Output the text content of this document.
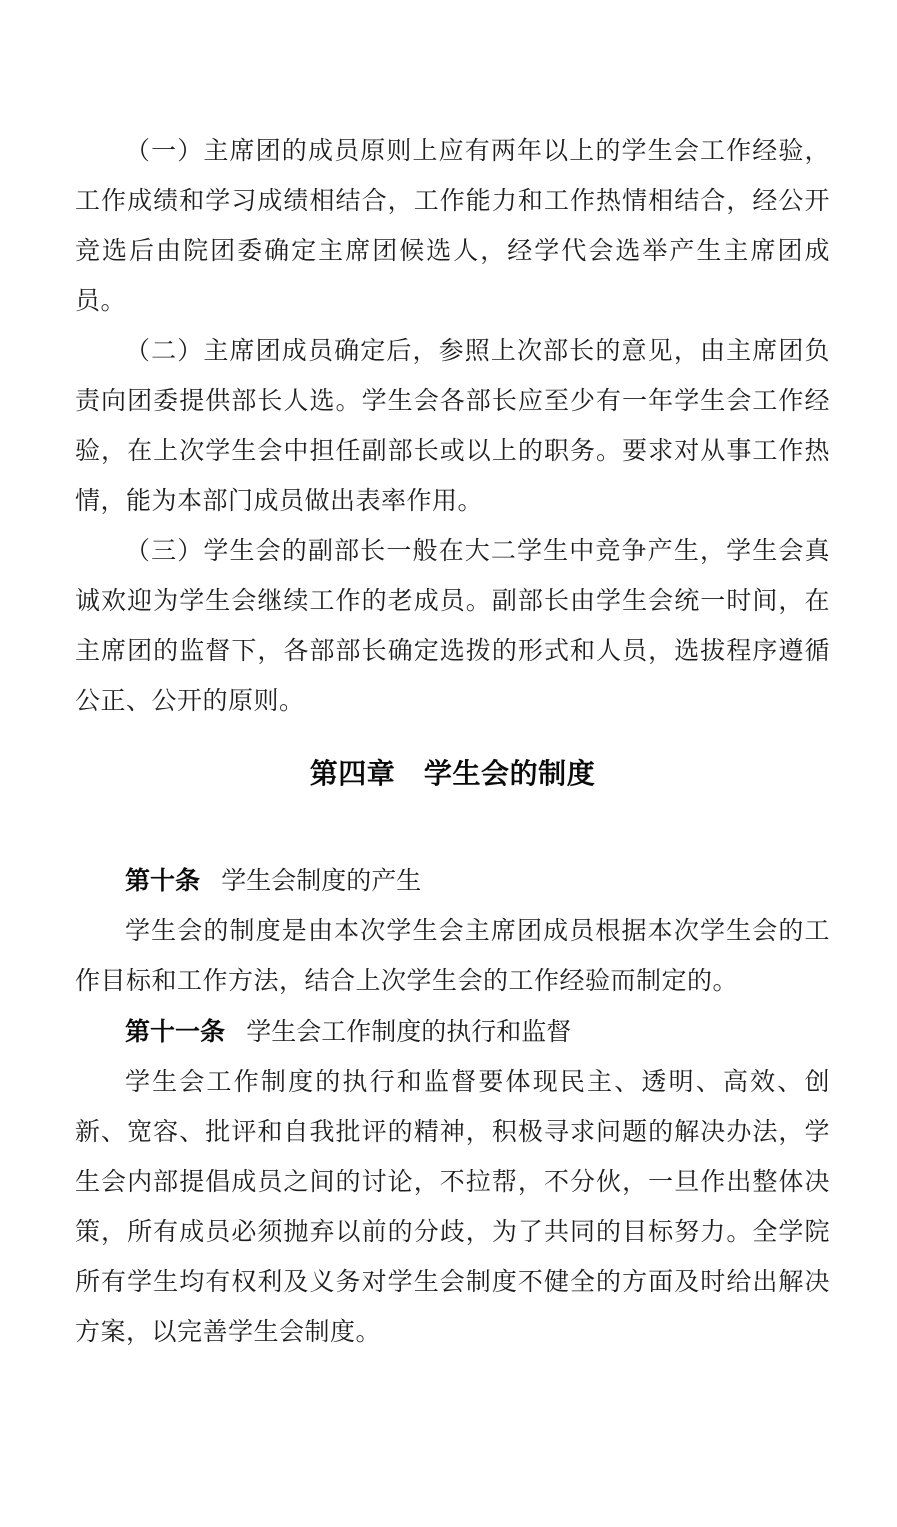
（一）主席团的成员原则上应有两年以上的学生会工作经验，工作成绩和学习成绩相结合，工作能力和工作热情相结合，经公开竞选后由院团委确定主席团候选人，经学代会选举产生主席团成员。

（二）主席团成员确定后，参照上次部长的意见，由主席团负责向团委提供部长人选。学生会各部长应至少有一年学生会工作经验，在上次学生会中担任副部长或以上的职务。要求对从事工作热情，能为本部门成员做出表率作用。

（三）学生会的副部长一般在大二学生中竞争产生，学生会真诚欢迎为学生会继续工作的老成员。副部长由学生会统一时间，在主席团的监督下，各部部长确定选拨的形式和人员，选拔程序遵循公正、公开的原则。

第四章　学生会的制度

第十条 学生会制度的产生

学生会的制度是由本次学生会主席团成员根据本次学生会的工作目标和工作方法，结合上次学生会的工作经验而制定的。

第十一条 学生会工作制度的执行和监督

学生会工作制度的执行和监督要体现民主、透明、高效、创新、宽容、批评和自我批评的精神，积极寻求问题的解决办法，学生会内部提倡成员之间的讨论，不拉帮，不分伙，一旦作出整体决策，所有成员必须抛弃以前的分歧，为了共同的目标努力。全学院所有学生均有权利及义务对学生会制度不健全的方面及时给出解决方案，以完善学生会制度。
